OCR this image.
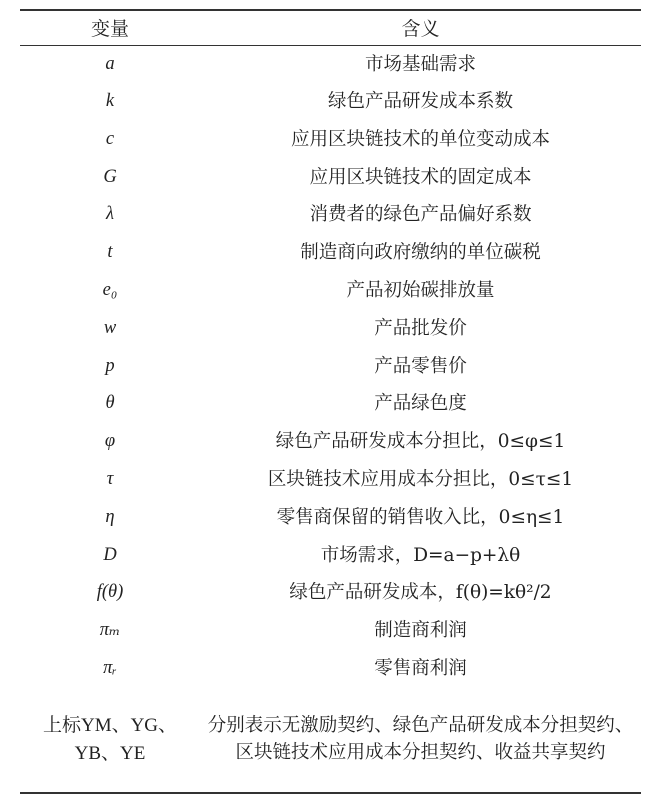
变量	含义
a	市场基础需求
k	绿色产品研发成本系数
c	应用区块链技术的单位变动成本
G	应用区块链技术的固定成本
λ	消费者的绿色产品偏好系数
t	制造商向政府缴纳的单位碳税
e₀	产品初始碳排放量
w	产品批发价
p	产品零售价
θ	产品绿色度
φ	绿色产品研发成本分担比，0≤φ≤1
τ	区块链技术应用成本分担比，0≤τ≤1
η	零售商保留的销售收入比，0≤η≤1
D	市场需求，D=a−p+λθ
f(θ)	绿色产品研发成本，f(θ)=kθ²/2
πₘ	制造商利润
πᵣ	零售商利润
上标YM、YG、YB、YE	分别表示无激励契约、绿色产品研发成本分担契约、区块链技术应用成本分担契约、收益共享契约
